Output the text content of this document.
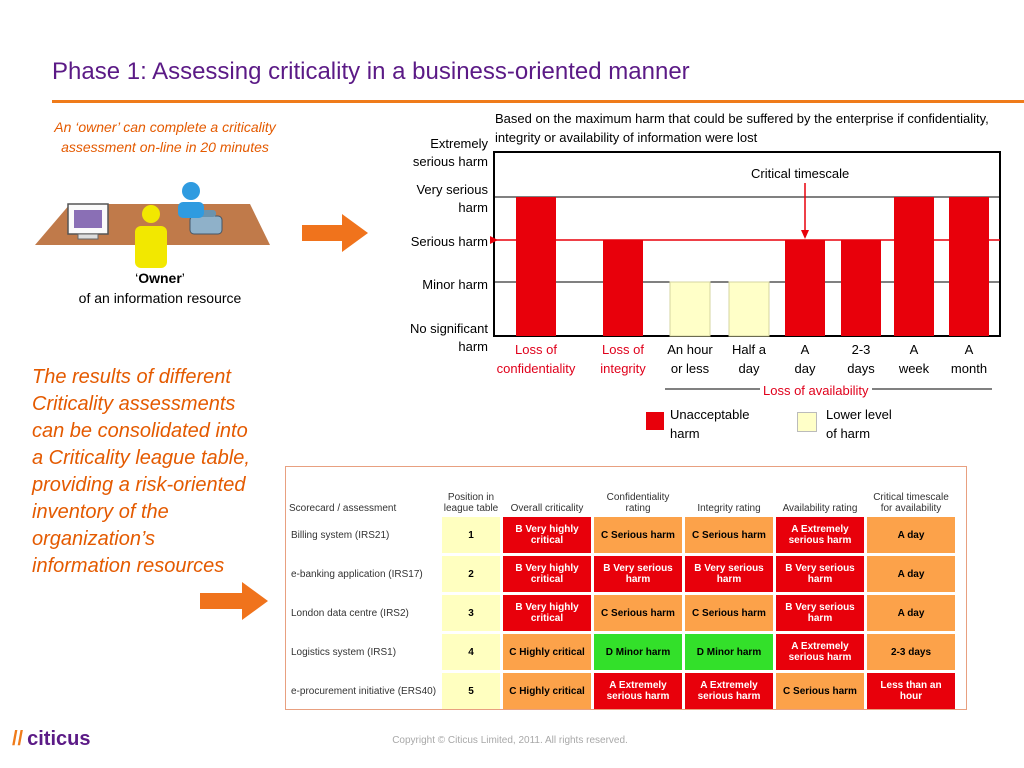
Phase 1: Assessing criticality in a business-oriented manner
An ‘owner’ can complete a criticality assessment on-line in 20 minutes
‘Owner’
of an information resource
The results of different Criticality assessments can be consolidated into a Criticality league table, providing a risk-oriented inventory of the organization’s information resources
Based on the maximum harm that could be suffered by the enterprise if confidentiality, integrity or availability of information were lost
No significant
harm
Minor harm
Serious harm
Very serious
harm
Extremely
serious harm
Loss of
confidentiality
Loss of
integrity
An hour
or less
Half a
day
A
day
2-3
days
A
week
A
month
Critical timescale
Loss of availability
Unacceptable
harm
Lower level
of harm
Scorecard / assessment	Position in league table	Overall criticality	Confidentiality rating	Integrity rating	Availability rating	Critical timescale for availability
Billing system (IRS21)	1	B Very highly critical	C Serious harm	C Serious harm	A Extremely serious harm	A day
e-banking application (IRS17)	2	B Very highly critical	B Very serious harm	B Very serious harm	B Very serious harm	A day
London data centre (IRS2)	3	B Very highly critical	C Serious harm	C Serious harm	B Very serious harm	A day
Logistics system (IRS1)	4	C Highly critical	D Minor harm	D Minor harm	A Extremely serious harm	2-3 days
e-procurement initiative (ERS40)	5	C Highly critical	A Extremely serious harm	A Extremely serious harm	C Serious harm	Less than an hour
Copyright © Citicus Limited, 2011. All rights reserved.
// citicus
